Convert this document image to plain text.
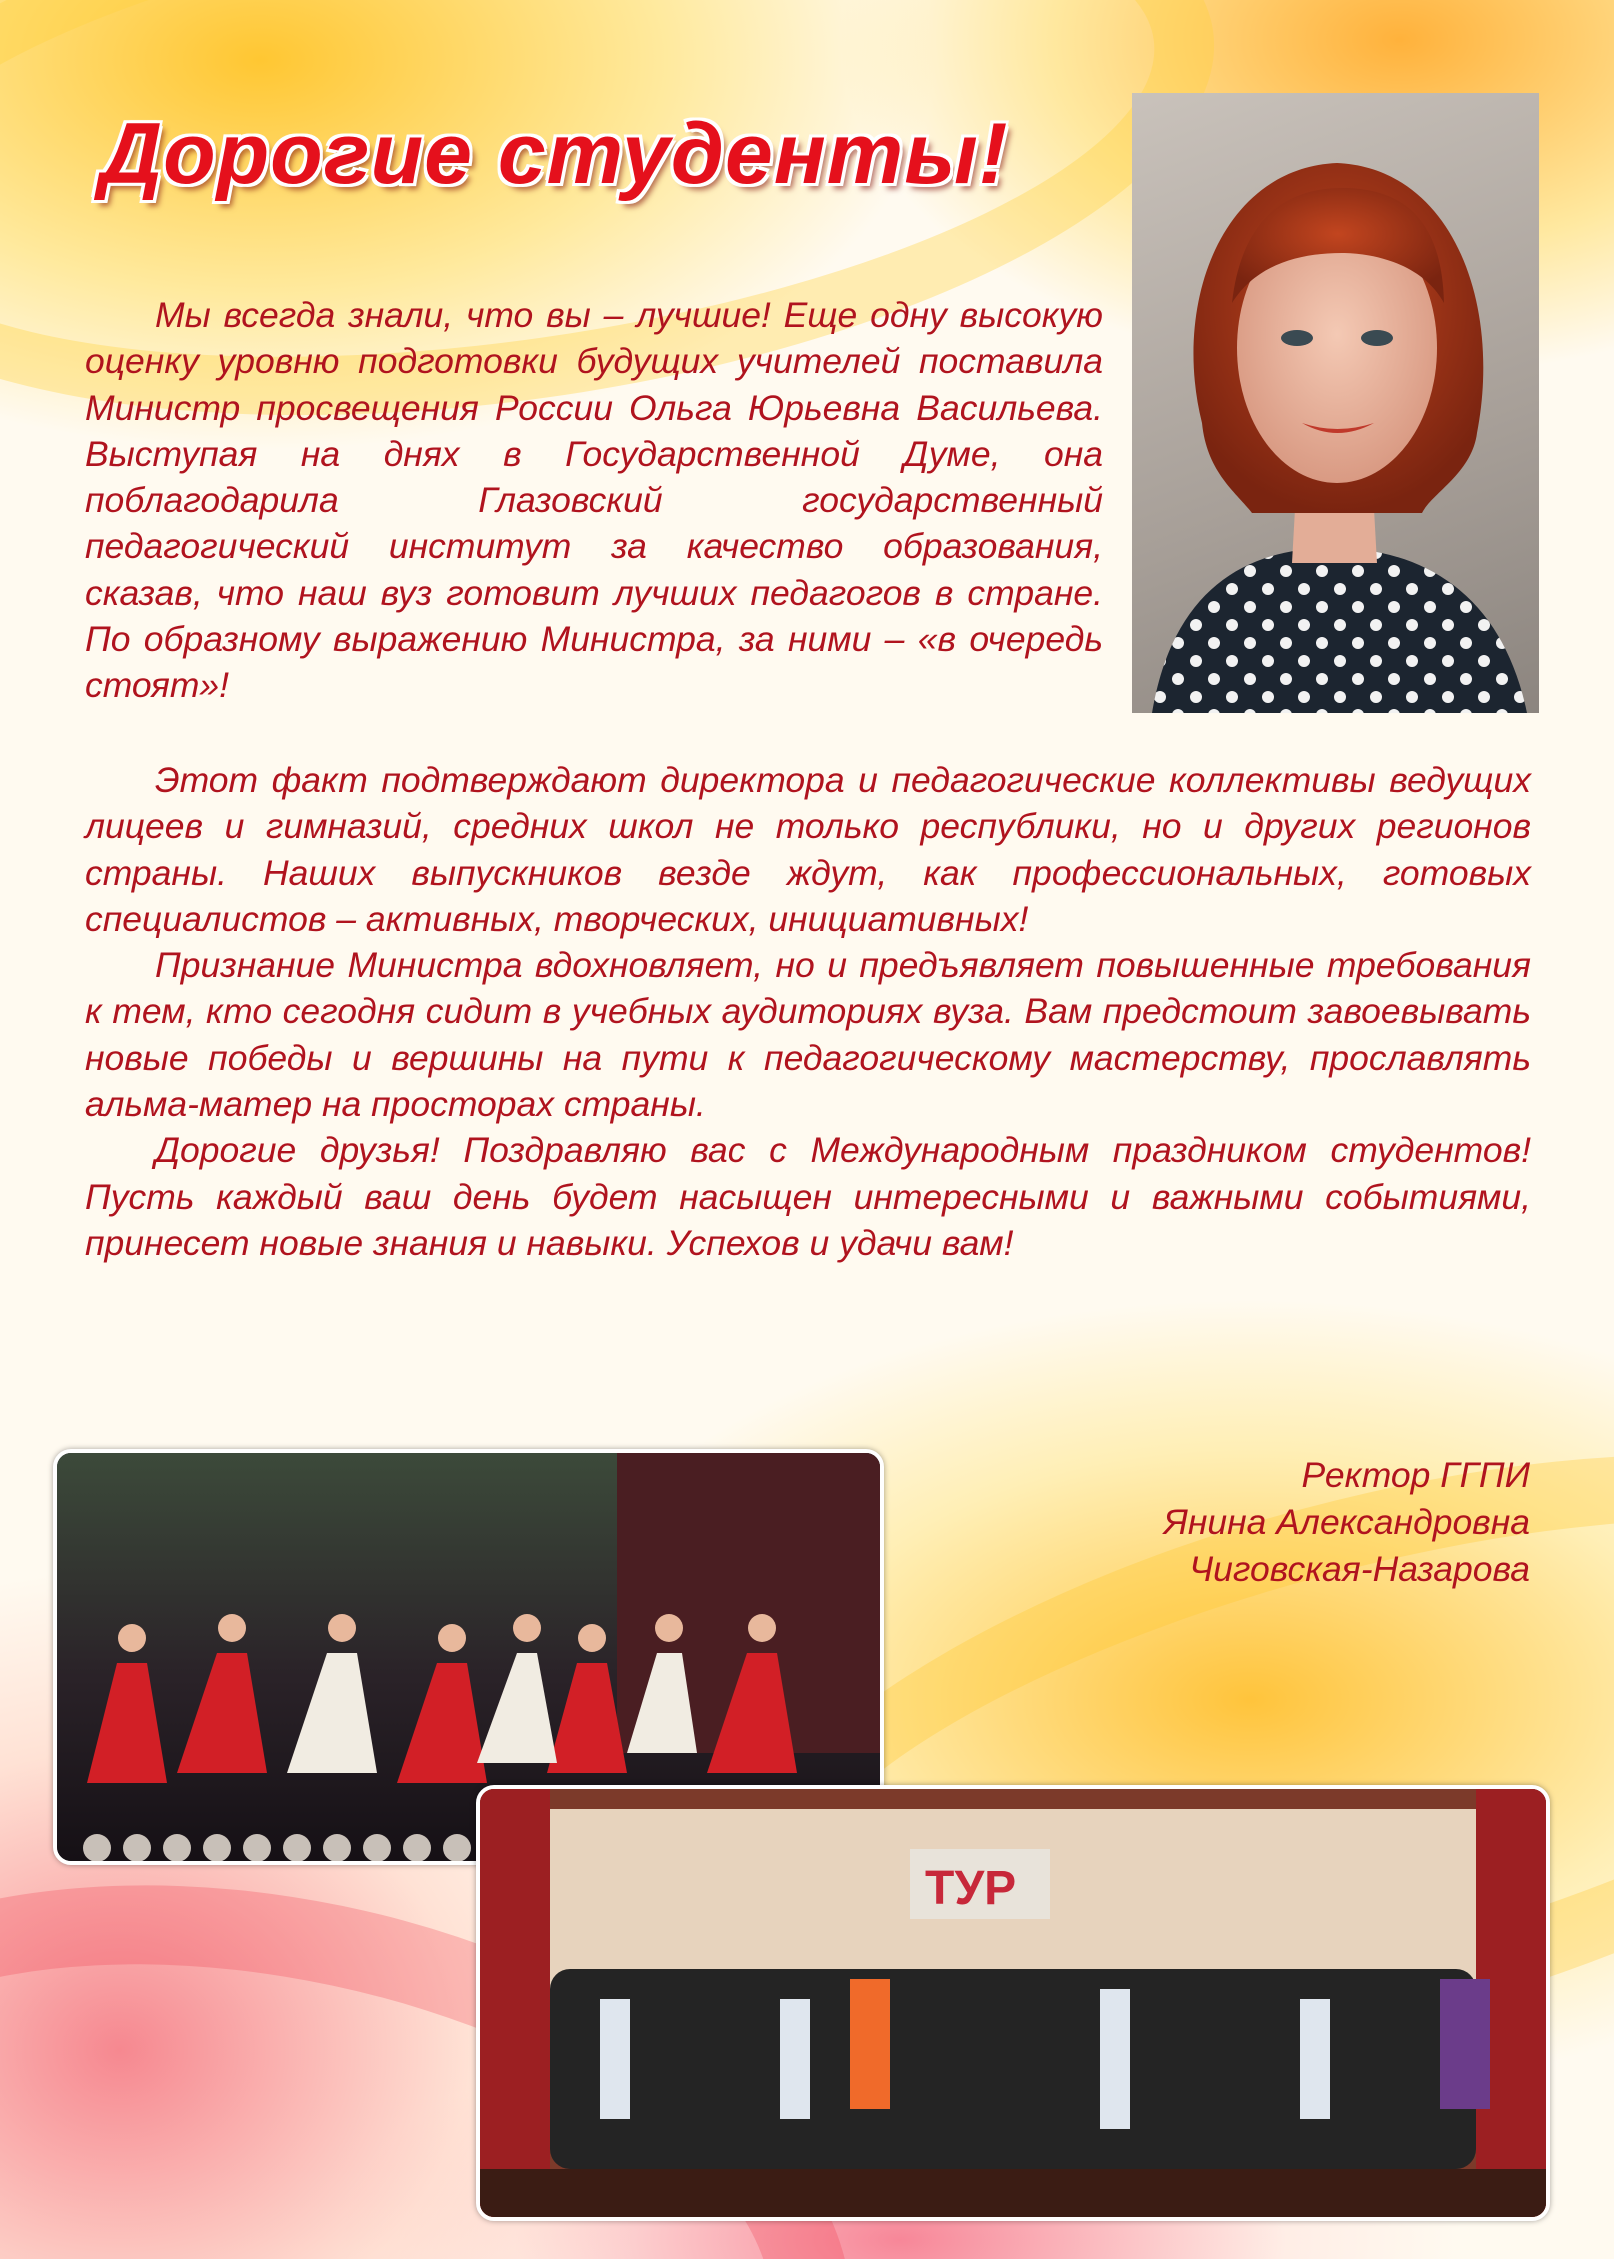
Дорогие студенты!

Мы всегда знали, что вы – лучшие! Еще одну высокую оценку уровню подготовки будущих учителей поставила Министр просвещения России Ольга Юрьевна Васильева. Выступая на днях в Государственной Думе, она поблагодарила Глазовский государственный педагогический институт за качество образования, сказав, что наш вуз готовит лучших педагогов в стране. По образному выражению Министра, за ними – «в очередь стоят»!

Этот факт подтверждают директора и педагогические коллективы ведущих лицеев и гимназий, средних школ не только республики, но и других регионов страны. Наших выпускников везде ждут, как профессиональных, готовых специалистов – активных, творческих, инициативных!

Признание Министра вдохновляет, но и предъявляет повышенные требования к тем, кто сегодня сидит в учебных аудиториях вуза. Вам предстоит завоевывать новые победы и вершины на пути к педагогическому мастерству, прославлять альма-матер на просторах страны.

Дорогие друзья! Поздравляю вас с Международным праздником студентов! Пусть каждый ваш день будет насыщен интересными и важными событиями, принесет новые знания и навыки. Успехов и удачи вам!

Ректор ГГПИ
Янина Александровна
Чиговская-Назарова
ТУР
